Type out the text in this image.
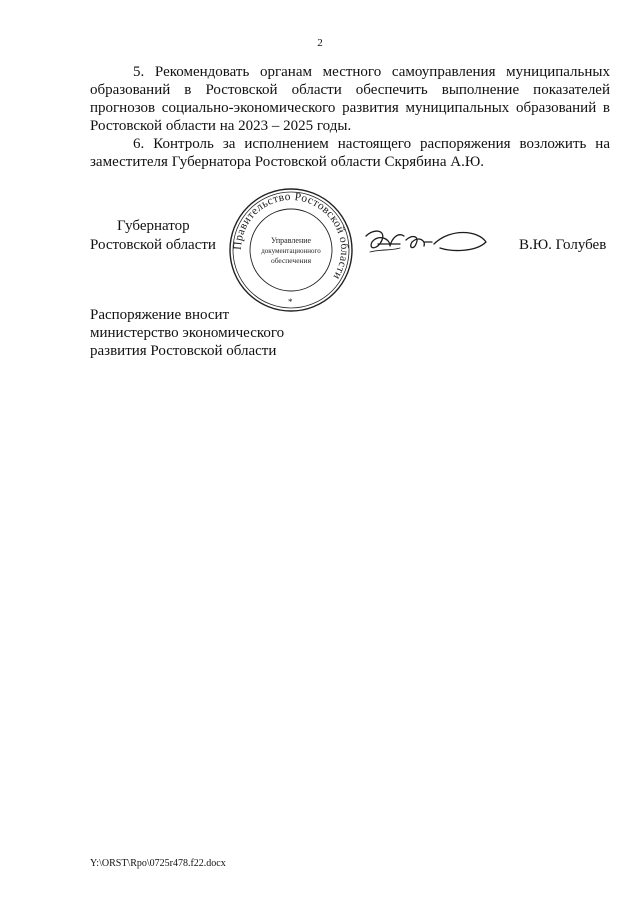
2

5. Рекомендовать органам местного самоуправления муниципальных образований в Ростовской области обеспечить выполнение показателей прогнозов социально-экономического развития муниципальных образований в Ростовской области на 2023 – 2025 годы.

6. Контроль за исполнением настоящего распоряжения возложить на заместителя Губернатора Ростовской области Скрябина А.Ю.

Губернатор
Ростовской области Правительство Ростовской области
Управление
документационного
обеспечения
*
В.Ю. Голубев
Распоряжение вносит
министерство экономического
развития Ростовской области
Y:\ORST\Rpo\0725r478.f22.docx
